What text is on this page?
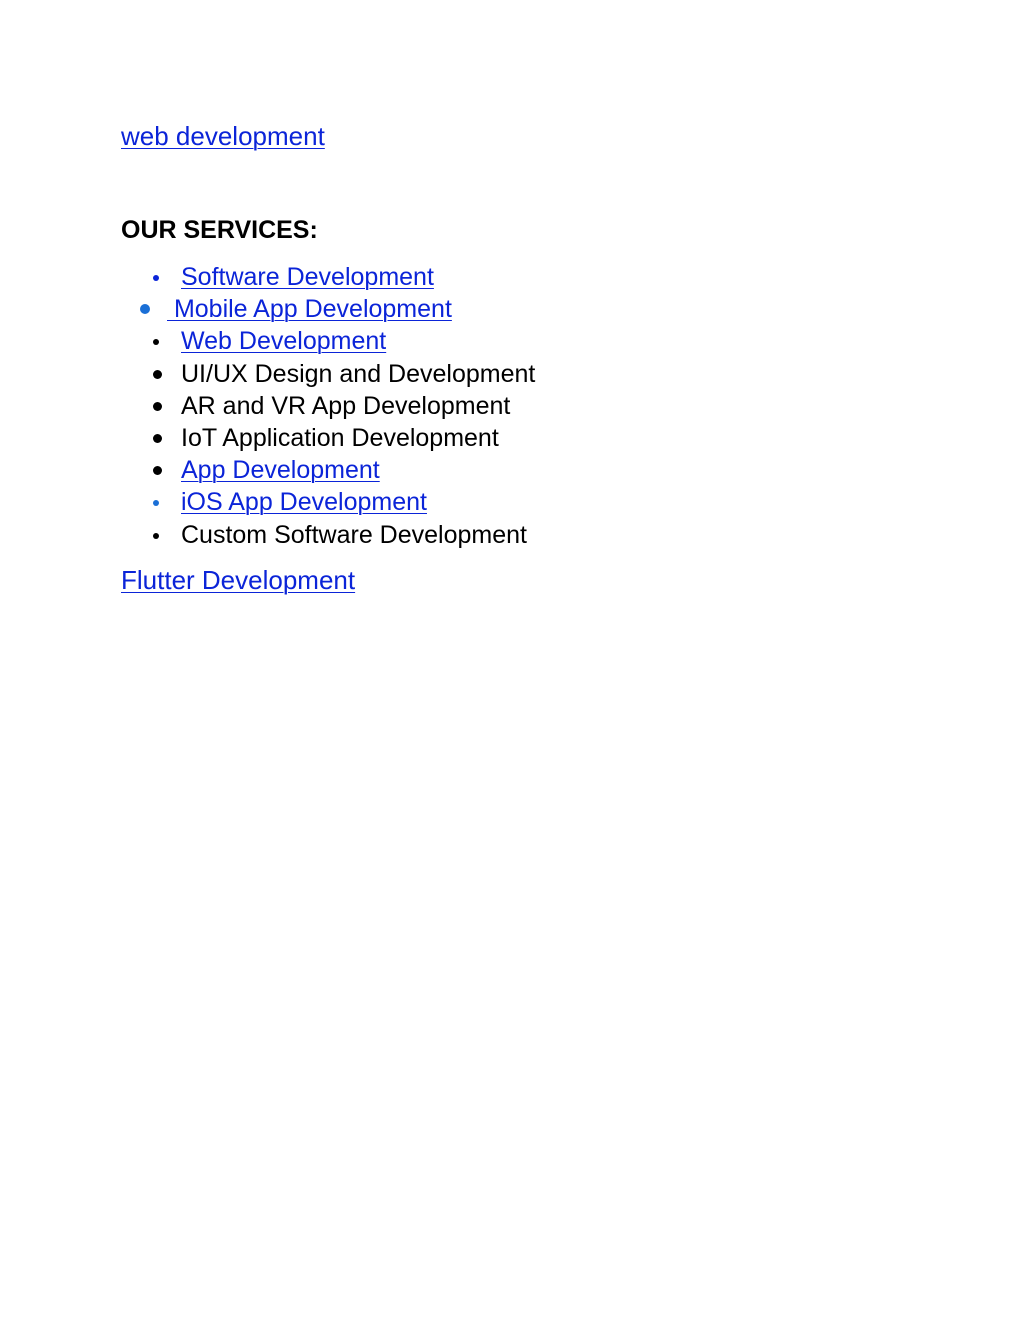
web development
OUR SERVICES:
Software Development
Mobile App Development
Web Development
UI/UX Design and Development
AR and VR App Development
IoT Application Development
App Development
iOS App Development
Custom Software Development
Flutter Development
